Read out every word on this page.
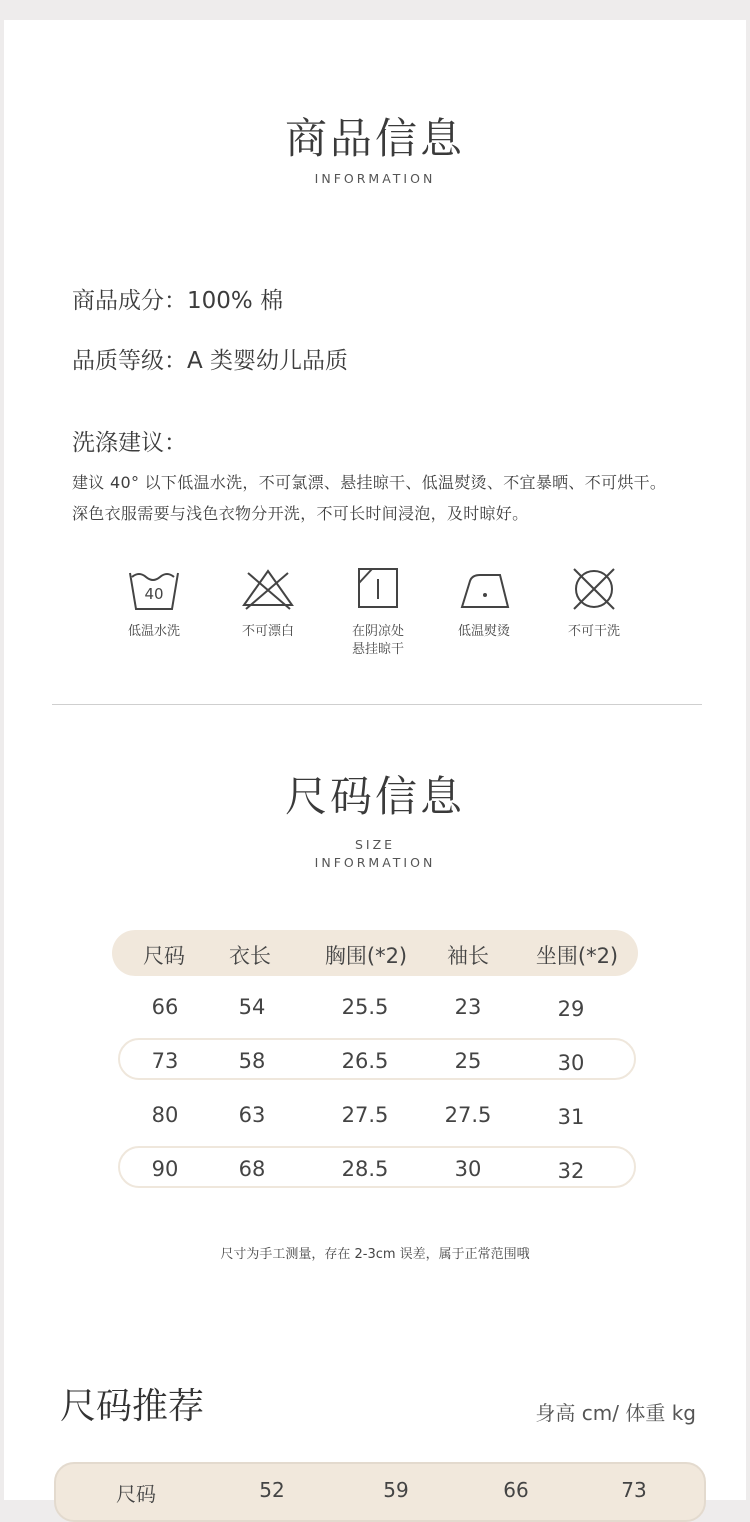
商品信息
INFORMATION
商品成分：100% 棉
品质等级：A 类婴幼儿品质
洗涤建议：
建议 40° 以下低温水洗，不可氯漂、悬挂晾干、低温熨烫、不宜暴晒、不可烘干。
深色衣服需要与浅色衣物分开洗，不可长时间浸泡，及时晾好。
40
低温水洗	不可漂白	在阴凉处
悬挂晾干
低温熨烫	不可干洗
尺码信息
SIZE
INFORMATION
尺码	衣长	胸围(*2)	袖长	坐围(*2)
66	54	25.5	23	29
73	58	26.5	25	30
80	63	27.5	27.5	31
90	68	28.5	30	32
尺寸为手工测量，存在 2-3cm 误差，属于正常范围哦
尺码推荐	身高 cm/ 体重 kg
尺码	52	59	66	73
